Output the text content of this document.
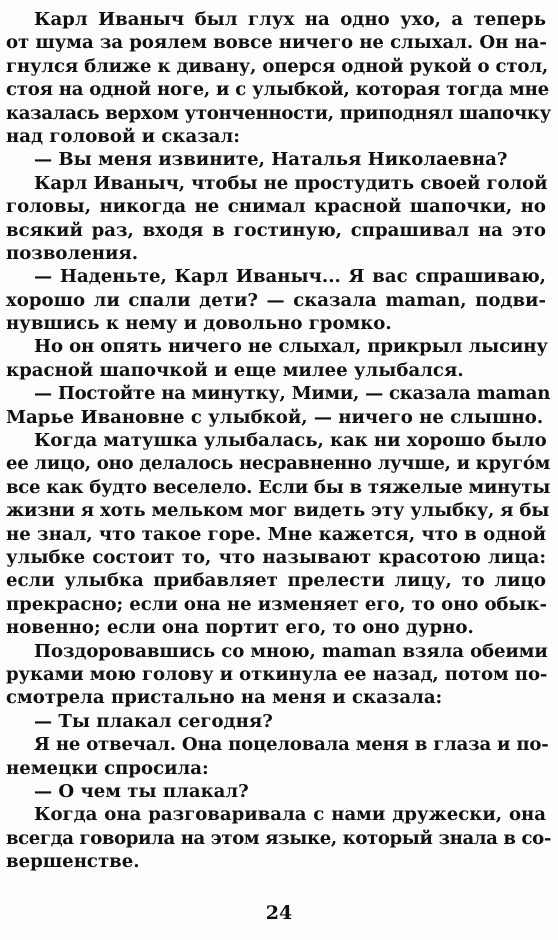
Карл Иваныч был глух на одно ухо, а теперь
от шума за роялем вовсе ничего не слыхал. Он на-
гнулся ближе к дивану, оперся одной рукой о стол,
стоя на одной ноге, и с улыбкой, которая тогда мне
казалась верхом утонченности, приподнял шапочку
над головой и сказал:
— Вы меня извините, Наталья Николаевна?
Карл Иваныч, чтобы не простудить своей голой
головы, никогда не снимал красной шапочки, но
всякий раз, входя в гостиную, спрашивал на это
позволения.
— Наденьте, Карл Иваныч... Я вас спрашиваю,
хорошо ли спали дети? — сказала maman, подви-
нувшись к нему и довольно громко.
Но он опять ничего не слыхал, прикрыл лысину
красной шапочкой и еще милее улыбался.
— Постойте на минутку, Мими, — сказала maman
Марье Ивановне с улыбкой, — ничего не слышно.
Когда матушка улыбалась, как ни хорошо было
ее лицо, оно делалось несравненно лучше, и кругóм
все как будто веселело. Если бы в тяжелые минуты
жизни я хоть мельком мог видеть эту улыбку, я бы
не знал, что такое горе. Мне кажется, что в одной
улыбке состоит то, что называют красотою лица:
если улыбка прибавляет прелести лицу, то лицо
прекрасно; если она не изменяет его, то оно обык-
новенно; если она портит его, то оно дурно.
Поздоровавшись со мною, maman взяла обеими
руками мою голову и откинула ее назад, потом по-
смотрела пристально на меня и сказала:
— Ты плакал сегодня?
Я не отвечал. Она поцеловала меня в глаза и по-
немецки спросила:
— О чем ты плакал?
Когда она разговаривала с нами дружески, она
всегда говорила на этом языке, который знала в со-
вершенстве.
24
